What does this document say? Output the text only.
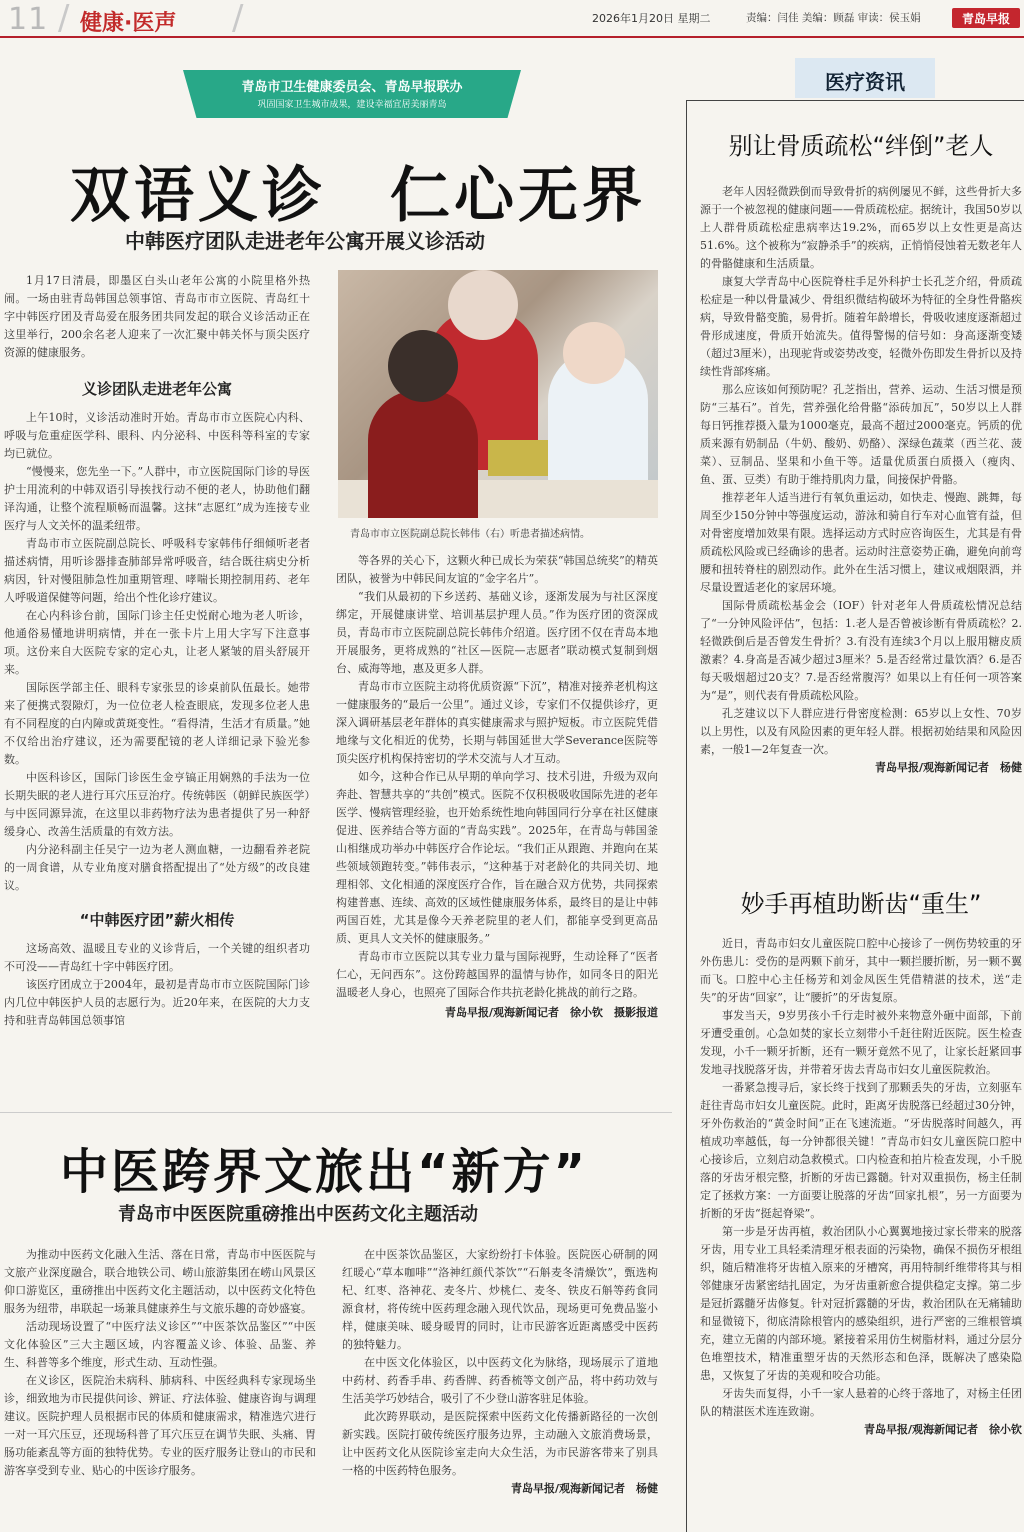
11 / 健康·医声 /	2026年1月20日 星期二	责编：闫佳 美编：顾磊 审读：侯玉娟	青岛早报
青岛市卫生健康委员会、青岛早报联办
巩固国家卫生城市成果，建设幸福宜居美丽青岛
双语义诊　仁心无界
中韩医疗团队走进老年公寓开展义诊活动

1月17日清晨，即墨区白头山老年公寓的小院里格外热闹。一场由驻青岛韩国总领事馆、青岛市市立医院、青岛红十字中韩医疗团及青岛爱在服务团共同发起的联合义诊活动正在这里举行，200余名老人迎来了一次汇聚中韩关怀与顶尖医疗资源的健康服务。

义诊团队走进老年公寓

上午10时，义诊活动准时开始。青岛市市立医院心内科、呼吸与危重症医学科、眼科、内分泌科、中医科等科室的专家均已就位。

“慢慢来，您先坐一下。”人群中，市立医院国际门诊的导医护士用流利的中韩双语引导挨找行动不便的老人，协助他们翻译沟通，让整个流程顺畅而温馨。这抹“志愿红”成为连接专业医疗与人文关怀的温柔纽带。

青岛市市立医院副总院长、呼吸科专家韩伟仔细倾听老者描述病情，用听诊器排查肺部异常呼吸音，结合既往病史分析病因，针对慢阻肺急性加重期管理、哮喘长期控制用药、老年人呼吸道保健等问题，给出个性化诊疗建议。

在心内科诊台前，国际门诊主任史悦耐心地为老人听诊，他通俗易懂地讲明病情，并在一张卡片上用大字写下注意事项。这份来自大医院专家的定心丸，让老人紧皱的眉头舒展开来。

国际医学部主任、眼科专家张昱的诊桌前队伍最长。她带来了便携式裂隙灯，为一位位老人检查眼底，发现多位老人患有不同程度的白内障或黄斑变性。“看得清，生活才有质量。”她不仅给出治疗建议，还为需要配镜的老人详细记录下验光参数。

中医科诊区，国际门诊医生金亨镐正用娴熟的手法为一位长期失眠的老人进行耳穴压豆治疗。传统韩医（朝鲜民族医学）与中医同源异流，在这里以非药物疗法为患者提供了另一种舒缓身心、改善生活质量的有效方法。

内分泌科副主任吴宁一边为老人测血糖，一边翻看养老院的一周食谱，从专业角度对膳食搭配提出了“处方级”的改良建议。

“中韩医疗团”薪火相传

这场高效、温暖且专业的义诊背后，一个关键的组织者功不可没——青岛红十字中韩医疗团。

该医疗团成立于2004年，最初是青岛市市立医院国际门诊内几位中韩医护人员的志愿行为。近20年来，在医院的大力支持和驻青岛韩国总领事馆

青岛市市立医院副总院长韩伟（右）听患者描述病情。

等各界的关心下，这颗火种已成长为荣获“韩国总统奖”的精英团队，被誉为中韩民间友谊的“金字名片”。

“我们从最初的下乡送药、基础义诊，逐渐发展为与社区深度绑定，开展健康讲堂、培训基层护理人员。”作为医疗团的资深成员，青岛市市立医院副总院长韩伟介绍道。医疗团不仅在青岛本地开展服务，更将成熟的“社区—医院—志愿者”联动模式复制到烟台、威海等地，惠及更多人群。

青岛市市立医院主动将优质资源“下沉”，精准对接养老机构这一健康服务的“最后一公里”。通过义诊，专家们不仅提供诊疗，更深入调研基层老年群体的真实健康需求与照护短板。市立医院凭借地缘与文化相近的优势，长期与韩国延世大学Severance医院等顶尖医疗机构保持密切的学术交流与人才互动。

如今，这种合作已从早期的单向学习、技术引进，升级为双向奔赴、智慧共享的“共创”模式。医院不仅积极吸收国际先进的老年医学、慢病管理经验，也开始系统性地向韩国同行分享在社区健康促进、医养结合等方面的“青岛实践”。2025年，在青岛与韩国釜山相继成功举办中韩医疗合作论坛。“我们正从跟跑、并跑向在某些领域领跑转变。”韩伟表示，“这种基于对老龄化的共同关切、地理相邻、文化相通的深度医疗合作，旨在融合双方优势，共同探索构建普惠、连续、高效的区域性健康服务体系，最终目的是让中韩两国百姓，尤其是像今天养老院里的老人们，都能享受到更高品质、更具人文关怀的健康服务。”

青岛市市立医院以其专业力量与国际视野，生动诠释了“医者仁心，无问西东”。这份跨越国界的温情与协作，如同冬日的阳光温暖老人身心，也照亮了国际合作共抗老龄化挑战的前行之路。

青岛早报/观海新闻记者　徐小钦　摄影报道
中医跨界文旅出“新方”
青岛市中医医院重磅推出中医药文化主题活动

为推动中医药文化融入生活、落在日常，青岛市中医医院与文旅产业深度融合，联合地铁公司、崂山旅游集团在崂山风景区仰口游览区，重磅推出中医药文化主题活动，以中医药文化特色服务为纽带，串联起一场兼具健康养生与文旅乐趣的奇妙盛宴。

活动现场设置了“中医疗法义诊区”“中医茶饮品鉴区”“中医文化体验区”三大主题区域，内容覆盖义诊、体验、品鉴、养生、科普等多个维度，形式生动、互动性强。

在义诊区，医院治未病科、肺病科、中医经典科专家现场坐诊，细致地为市民提供问诊、辨证、疗法体验、健康咨询与调理建议。医院护理人员根据市民的体质和健康需求，精准选穴进行一对一耳穴压豆，还现场科普了耳穴压豆在调节失眠、头痛、胃肠功能紊乱等方面的独特优势。专业的医疗服务让登山的市民和游客享受到专业、贴心的中医诊疗服务。

在中医茶饮品鉴区，大家纷纷打卡体验。医院医心研制的网红暖心“草本咖啡”“洛神红颜代茶饮”“石斛麦冬清燥饮”，甄选枸杞、红枣、洛神花、麦冬片、炒桃仁、麦冬、铁皮石斛等药食同源食材，将传统中医药理念融入现代饮品，现场更可免费品鉴小样，健康美味、暖身暖胃的同时，让市民游客近距离感受中医药的独特魅力。

在中医文化体验区，以中医药文化为脉络，现场展示了道地中药材、药香手串、药香牌、药香梳等文创产品，将中药功效与生活美学巧妙结合，吸引了不少登山游客驻足体验。

此次跨界联动，是医院探索中医药文化传播新路径的一次创新实践。医院打破传统医疗服务边界，主动融入文旅消费场景，让中医药文化从医院诊室走向大众生活，为市民游客带来了别具一格的中医药特色服务。

青岛早报/观海新闻记者　杨健
医疗资讯
别让骨质疏松“绊倒”老人

老年人因轻微跌倒而导致骨折的病例屡见不鲜，这些骨折大多源于一个被忽视的健康问题——骨质疏松症。据统计，我国50岁以上人群骨质疏松症患病率达19.2%，而65岁以上女性更是高达51.6%。这个被称为“寂静杀手”的疾病，正悄悄侵蚀着无数老年人的骨骼健康和生活质量。

康复大学青岛中心医院脊柱手足外科护士长孔芝介绍，骨质疏松症是一种以骨量减少、骨组织微结构破坏为特征的全身性骨骼疾病，导致骨骼变脆，易骨折。随着年龄增长，骨吸收速度逐渐超过骨形成速度，骨质开始流失。值得警惕的信号如：身高逐渐变矮（超过3厘米），出现驼背或姿势改变，轻微外伤即发生骨折以及持续性背部疼痛。

那么应该如何预防呢？孔芝指出，营养、运动、生活习惯是预防“三基石”。首先，营养强化给骨骼“添砖加瓦”，50岁以上人群每日钙推荐摄入量为1000毫克，最高不超过2000毫克。钙质的优质来源有奶制品（牛奶、酸奶、奶酪）、深绿色蔬菜（西兰花、菠菜）、豆制品、坚果和小鱼干等。适量优质蛋白质摄入（瘦肉、鱼、蛋、豆类）有助于维持肌肉力量，间接保护骨骼。

推荐老年人适当进行有氧负重运动，如快走、慢跑、跳舞，每周至少150分钟中等强度运动，游泳和骑自行车对心血管有益，但对骨密度增加效果有限。选择运动方式时应咨询医生，尤其是有骨质疏松风险或已经确诊的患者。运动时注意姿势正确，避免向前弯腰和扭转脊柱的剧烈动作。此外在生活习惯上，建议戒烟限酒，并尽量设置适老化的家居环境。

国际骨质疏松基金会（IOF）针对老年人骨质疏松情况总结了“一分钟风险评估”，包括：1.老人是否曾被诊断有骨质疏松？2.轻微跌倒后是否曾发生骨折？3.有没有连续3个月以上服用糖皮质激素？4.身高是否减少超过3厘米？5.是否经常过量饮酒？6.是否每天吸烟超过20支？7.是否经常腹泻？如果以上有任何一项答案为“是”，则代表有骨质疏松风险。

孔芝建议以下人群应进行骨密度检测：65岁以上女性、70岁以上男性，以及有风险因素的更年轻人群。根据初始结果和风险因素，一般1—2年复查一次。

青岛早报/观海新闻记者　杨健
妙手再植助断齿“重生”

近日，青岛市妇女儿童医院口腔中心接诊了一例伤势较重的牙外伤患儿：受伤的是两颗下前牙，其中一颗拦腰折断，另一颗不翼而飞。口腔中心主任杨芳和刘金凤医生凭借精湛的技术，送“走失”的牙齿“回家”，让“腰折”的牙齿复原。

事发当天，9岁男孩小千行走时被外来物意外砸中面部，下前牙遭受重创。心急如焚的家长立刻带小千赶往附近医院。医生检查发现，小千一颗牙折断，还有一颗牙竟然不见了，让家长赶紧回事发地寻找脱落牙齿，并带着牙齿去青岛市妇女儿童医院救治。

一番紧急搜寻后，家长终于找到了那颗丢失的牙齿，立刻驱车赶往青岛市妇女儿童医院。此时，距离牙齿脱落已经超过30分钟，牙外伤救治的“黄金时间”正在飞速流逝。“牙齿脱落时间越久，再植成功率越低，每一分钟都很关键！”青岛市妇女儿童医院口腔中心接诊后，立刻启动急救模式。口内检查和拍片检查发现，小千脱落的牙齿牙根完整，折断的牙齿已露髓。针对双重损伤，杨主任制定了拯救方案：一方面要让脱落的牙齿“回家扎根”，另一方面要为折断的牙齿“挺起脊梁”。

第一步是牙齿再植，救治团队小心翼翼地接过家长带来的脱落牙齿，用专业工具轻柔清理牙根表面的污染物，确保不损伤牙根组织，随后精准将牙齿植入原来的牙槽窝，再用特制纤维带将其与相邻健康牙齿紧密结扎固定，为牙齿重新愈合提供稳定支撑。第二步是冠折露髓牙齿修复。针对冠折露髓的牙齿，救治团队在无痛辅助和显微镜下，彻底清除根管内的感染组织，进行严密的三维根管填充，建立无菌的内部环境。紧接着采用仿生树脂材料，通过分层分色堆塑技术，精准重塑牙齿的天然形态和色泽，既解决了感染隐患，又恢复了牙齿的美观和咬合功能。

牙齿失而复得，小千一家人悬着的心终于落地了，对杨主任团队的精湛医术连连致谢。

青岛早报/观海新闻记者　徐小钦
